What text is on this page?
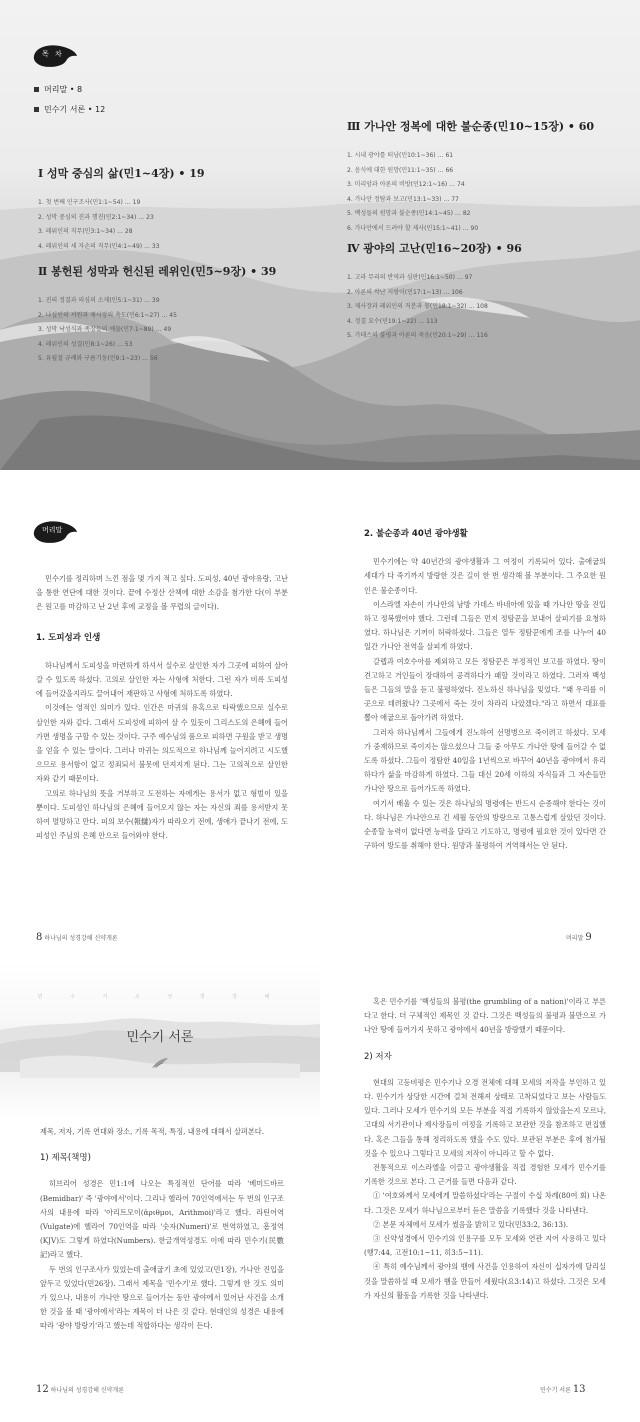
목 차
머리말 • 8
민수기 서론 • 12
Ⅰ 성막 중심의 삶(민1~4장) • 19
1. 첫 번째 인구조사(민1:1~54) … 19
2. 성막 중심의 진과 행진(민2:1~34) … 23
3. 레위인의 직무(민3:1~34) … 28
4. 레위인의 세 자손의 직무(민4:1~49) … 33
Ⅱ 봉헌된 성막과 헌신된 레위인(민5~9장) • 39
1. 진의 정결과 의심의 소제(민5:1~31) … 39
2. 나실인의 서원과 제사장의 축도(민6:1~27) … 45
3. 성막 낙성식과 족장들의 예물(민7:1~89) … 49
4. 레위인의 성결(민8:1~26) … 53
5. 유월절 규례와 구름기둥(민9:1~23) … 56
Ⅲ 가나안 정복에 대한 불순종(민10~15장) • 60
1. 시내 광야를 떠남(민10:1~36) … 61
2. 음식에 대한 원망(민11:1~35) … 66
3. 미리암과 아론의 비방(민12:1~16) … 74
4. 가나안 정탐과 보고(민13:1~33) … 77
5. 백성들의 원망과 불순종(민14:1~45) … 82
6. 가나안에서 드려야 할 제사(민15:1~41) … 90
Ⅳ 광야의 고난(민16~20장) • 96
1. 고라 무리의 반역과 심판(민16:1~50) … 97
2. 아론의 싹난 지팡이(민17:1~13) … 106
3. 제사장과 레위인의 직분과 몫(민18:1~32) … 108
4. 정결 요수(민19:1~22) … 113
5. 가데스의 불평과 아론의 죽음(민20:1~29) … 116
머리말

민수기를 정리하며 느낀 점을 몇 가지 적고 싶다. 도피성, 40년 광야유랑, 고난을 통한 연단에 대한 것이다. 끝에 수정산 산책에 대한 소감을 첨가한 다(이 부분은 원고를 마감하고 난 2년 후에 교정을 볼 무렵의 글이다).

1. 도피성과 인생

하나님께서 도피성을 마련하게 하셔서 실수로 살인한 자가 그곳에 피하여 살아갈 수 있도록 하셨다. 고의로 살인한 자는 사형에 처한다. 그런 자가 비록 도피성에 들어갔을지라도 끌어내어 재판하고 사형에 처하도록 하였다.

이것에는 영적인 의미가 있다. 인간은 마귀의 유혹으로 타락했으므로 실수로 살인한 자와 같다. 그래서 도피성에 피하여 살 수 있듯이 그리스도의 은혜에 들어가면 생명을 구할 수 있는 것이다. 구주 예수님의 품으로 피하면 구원을 받고 생명을 얻을 수 있는 말이다. 그러나 마귀는 의도적으로 하나님께 늘어지려고 시도했으므로 용서함이 없고 정죄되서 불못에 던져지게 된다. 그는 고의적으로 살인한 자와 같기 때문이다.

고의로 하나님의 뜻을 거부하고 도전하는 자에게는 용서가 없고 형벌이 있을 뿐이다. 도피성인 하나님의 은혜에 들어오지 않는 자는 자신의 죄를 용서받지 못하여 멸망하고 만다. 피의 보수(報讎)자가 따라오기 전에, 생애가 끝나기 전에, 도피성인 주님의 은혜 안으로 들어와야 한다.

8 하나님의 성경강해 신약개론
2. 불순종과 40년 광야생활

민수기에는 약 40년간의 광야생활과 그 여정이 기록되어 있다. 출애굽의 세대가 다 죽기까지 방랑한 것은 길이 한 번 생각해 볼 부분이다. 그 주요한 원인은 불순종이다.

이스라엘 자손이 가나안의 남방 가데스 바네아에 있을 때 가나안 땅을 진입하고 정복했어야 했다. 그런데 그들은 먼저 정탐꾼을 보내어 살피기를 요청하였다. 하나님은 기꺼이 허락하셨다. 그들은 열두 정탐꾼에게 조를 나누어 40일간 가나안 전역을 살피게 하였다.

갈렙과 여호수아를 제외하고 모든 정탐꾼은 부정적인 보고를 하였다. 땅이 견고하고 거인들이 장대하여 공격하다가 패할 것이라고 하였다. 그러자 백성들은 그들의 말을 듣고 불평하였다. 진노하신 하나님을 잊었다. "왜 우리를 이곳으로 데려왔나? 그곳에서 죽는 것이 차라리 나았겠다."라고 하면서 대표를 뽑아 애굽으로 돌아가려 하였다.

그러자 하나님께서 그들에게 진노하여 선명병으로 죽이려고 하셨다. 모세가 중재하므로 죽이지는 않으셨으나 그들 중 아무도 가나안 땅에 들어갈 수 없도록 하셨다. 그들이 정탐한 40일을 1년씩으로 바꾸어 40년을 광야에서 유리하다가 삶을 마감하게 하였다. 그들 대신 20세 이하의 자식들과 그 자손들만 가나안 땅으로 들어가도록 하였다.

여기서 배울 수 있는 것은 하나님의 명령에는 반드시 순종해야 한다는 것이다. 하나님은 가나안으로 긴 세월 동안의 방랑으로 고통스럽게 살았던 것이다. 순종할 능력이 없다면 능력을 달라고 기도하고, 명령에 필요한 것이 있다면 간구하여 방도를 취해야 한다. 원망과 불평하여 거역해서는 안 된다.

머리말 9
민 수 기 소 성 경 강 해
민수기 서론

제목, 저자, 기록 연대와 장소, 기록 목적, 특징, 내용에 대해서 살펴본다.

1) 제목(책명)

히브리어 성경은 민1:1에 나오는 특징적인 단어를 따라 '베미드바르(Bemidbar)' 즉 '광야에서'이다. 그리나 헬라어 70인역에서는 두 번의 인구조사의 내용에 따라 '아리트모이(ἀριθμοι, Arithmoi)'라고 했다. 라틴어역(Vulgate)에 헬라어 70인역을 따라 '숫자(Numeri)'로 번역하였고, 흠정역(KJV)도 그렇게 하였다(Numbers). 한글개역성경도 이에 따라 민수기(民數記)라고 했다.

두 번의 인구조사가 있었는데 출애굽기 초에 있었고(민1장), 가나안 진입을 앞두고 있었다(민26장). 그래서 제목을 '민수기'로 했다. 그렇게 한 것도 의미가 있으나, 내용이 가나안 땅으로 들어가는 동안 광야에서 있어난 사건을 소개한 것을 볼 때 '광야에서'라는 제목이 더 나은 것 같다. 현대인의 성경은 내용에 따라 '광야 방랑기'라고 했는데 적합하다는 생각이 든다.

12 하나님의 성경강해 신약개론

혹은 민수기를 '백성들의 불평(the grumbling of a nation)'이라고 부른다고 한다. 더 구체적인 제목인 것 같다. 그것은 백성들의 불평과 불만으로 가나안 땅에 들어가지 못하고 광야에서 40년을 방랑했기 때문이다.

2) 저자

현대의 고등비평은 민수기나 오경 전체에 대해 모세의 저작을 부인하고 있다. 민수기가 상당한 시간에 걸쳐 전해져 상태로 고착되었다고 보는 사람들도 있다. 그러나 모세가 민수기의 모든 부분을 직접 기록하지 않았을는지 모르나, 고대의 서기관이나 제사장들이 여정을 기록하고 보관한 것을 참조하고 편집했다. 혹은 그들을 통해 정리하도록 했을 수도 있다. 보관된 부분은 후에 첨가될 것을 수 있으나 그렇다고 모세의 저작이 아니라고 할 수 없다.

전통적으로 이스라엘을 이끌고 광야생활을 직접 경험한 모세가 민수기를 기록한 것으로 본다. 그 근거를 들면 다음과 같다.

① '여호와께서 모세에게 말씀하셨다'라는 구절이 수십 차례(80여 회) 나온다. 그것은 모세가 하나님으로부터 듣은 말씀을 기록했다 것을 나타낸다.

② 본문 자체에서 모세가 썼음을 밝히고 있다(민33:2, 36:13).

③ 신약성경에서 민수기의 인용구를 모두 모세와 연관 지어 사용하고 있다(행7:44, 고전10:1~11, 히3:5~11).

④ 특히 예수님께서 광야의 뱀에 사건을 인용하여 자신이 십자가에 달리실 것을 말씀하실 때 모세가 뱀을 만들어 세웠다(요3:14)고 하셨다. 그것은 모세가 자신의 활동을 기록한 것을 나타낸다.

민수기 서론 13
